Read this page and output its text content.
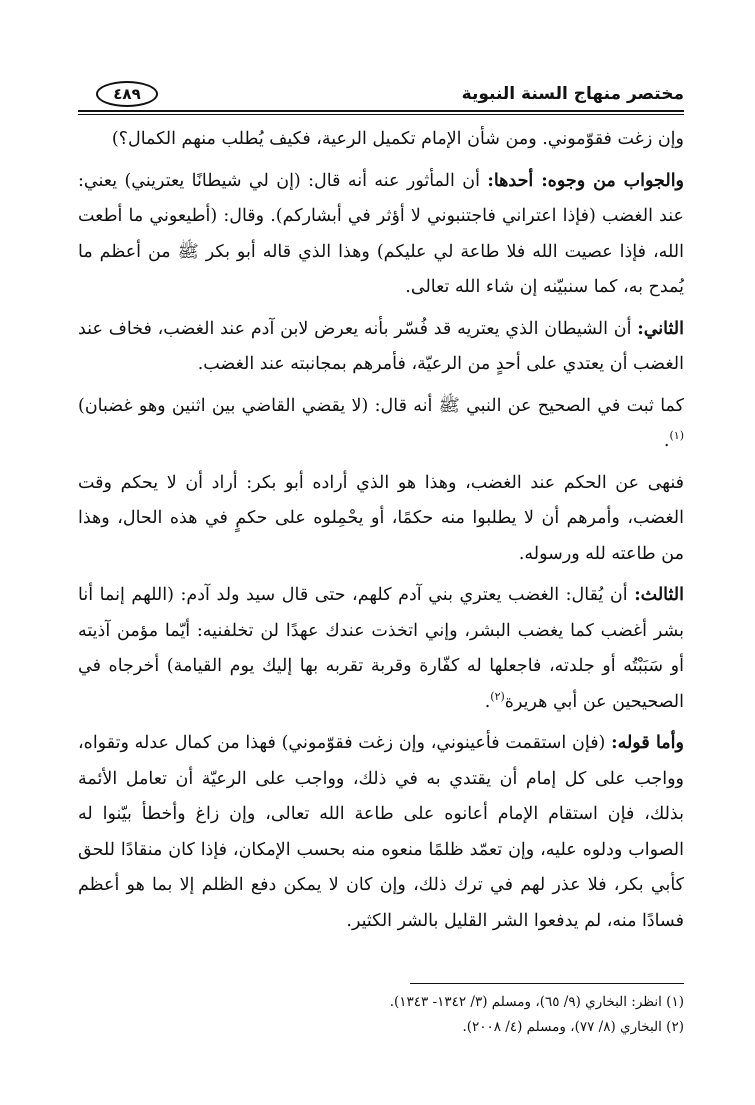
مختصر منهاج السنة النبوية
٤٨٩

وإن زغت فقوّموني. ومن شأن الإمام تكميل الرعية، فكيف يُطلب منهم الكمال؟)

والجواب من وجوه: أحدها: أن المأثور عنه أنه قال: (إن لي شيطانًا يعتريني) يعني: عند الغضب (فإذا اعتراني فاجتنبوني لا أؤثر في أبشاركم). وقال: (أطيعوني ما أطعت الله، فإذا عصيت الله فلا طاعة لي عليكم) وهذا الذي قاله أبو بكر ﷺ من أعظم ما يُمدح به، كما سنبيّنه إن شاء الله تعالى.

الثاني: أن الشيطان الذي يعتريه قد فُسّر بأنه يعرض لابن آدم عند الغضب، فخاف عند الغضب أن يعتدي على أحدٍ من الرعيّة، فأمرهم بمجانبته عند الغضب.

كما ثبت في الصحيح عن النبي ﷺ أنه قال: (لا يقضي القاضي بين اثنين وهو غضبان)$^{(١)}$.

فنهى عن الحكم عند الغضب، وهذا هو الذي أراده أبو بكر: أراد أن لا يحكم وقت الغضب، وأمرهم أن لا يطلبوا منه حكمًا، أو يحْمِلوه على حكمٍ في هذه الحال، وهذا من طاعته لله ورسوله.

الثالث: أن يُقال: الغضب يعتري بني آدم كلهم، حتى قال سيد ولد آدم: (اللهم إنما أنا بشر أغضب كما يغضب البشر، وإني اتخذت عندك عهدًا لن تخلفنيه: أيّما مؤمن آذيته أو سَبَبْتُه أو جلدته، فاجعلها له كفّارة وقربة تقربه بها إليك يوم القيامة) أخرجاه في الصحيحين عن أبي هريرة$^{(٢)}$.

وأما قوله: (فإن استقمت فأعينوني، وإن زغت فقوّموني) فهذا من كمال عدله وتقواه، وواجب على كل إمام أن يقتدي به في ذلك، وواجب على الرعيّة أن تعامل الأئمة بذلك، فإن استقام الإمام أعانوه على طاعة الله تعالى، وإن زاغ وأخطأ بيّنوا له الصواب ودلوه عليه، وإن تعمّد ظلمًا منعوه منه بحسب الإمكان، فإذا كان منقادًا للحق كأبي بكر، فلا عذر لهم في ترك ذلك، وإن كان لا يمكن دفع الظلم إلا بما هو أعظم فسادًا منه، لم يدفعوا الشر القليل بالشر الكثير.

(١) انظر: البخاري (٩/ ٦٥)، ومسلم (٣/ ١٣٤٢- ١٣٤٣).

(٢) البخاري (٨/ ٧٧)، ومسلم (٤/ ٢٠٠٨).
